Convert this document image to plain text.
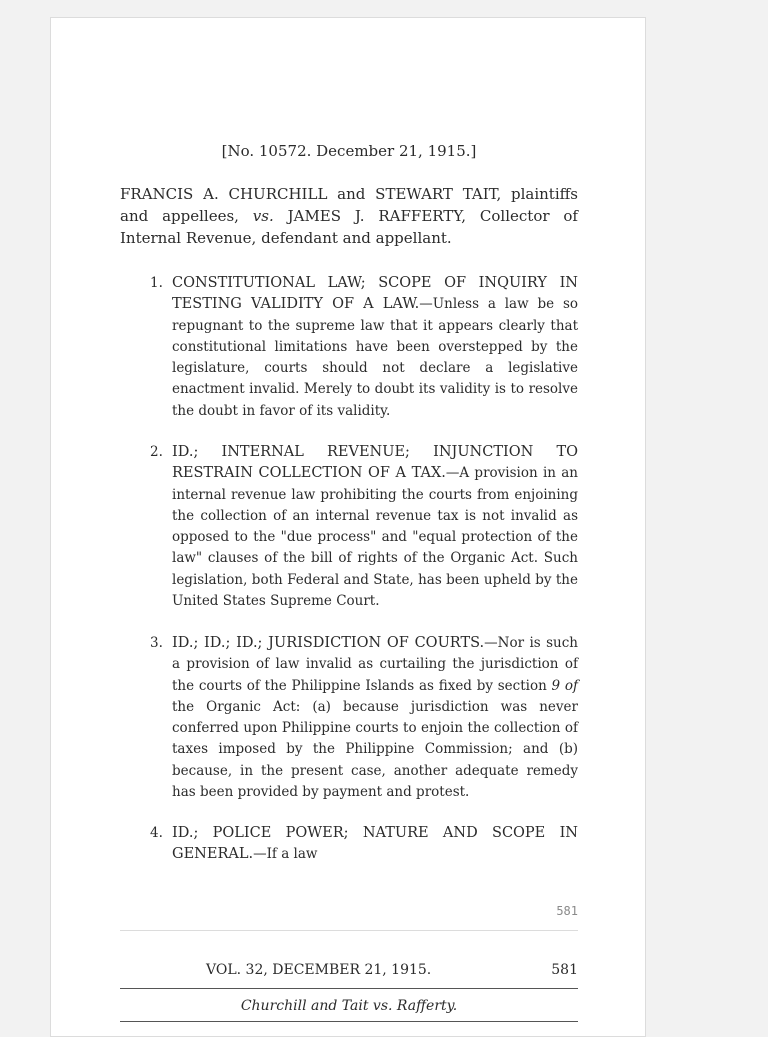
[No. 10572. December 21, 1915.]
FRANCIS A. CHURCHILL and STEWART TAIT, plaintiffs and appellees, vs. JAMES J. RAFFERTY, Collector of Internal Revenue, defendant and appellant.
1. CONSTITUTIONAL LAW; SCOPE OF INQUIRY IN TESTING VALIDITY OF A LAW.—Unless a law be so repugnant to the supreme law that it appears clearly that constitutional limitations have been overstepped by the legislature, courts should not declare a legislative enactment invalid. Merely to doubt its validity is to resolve the doubt in favor of its validity.
2. ID.; INTERNAL REVENUE; INJUNCTION TO RESTRAIN COLLECTION OF A TAX.—A provision in an internal revenue law prohibiting the courts from enjoining the collection of an internal revenue tax is not invalid as opposed to the "due process" and "equal protection of the law" clauses of the bill of rights of the Organic Act. Such legislation, both Federal and State, has been upheld by the United States Supreme Court.
3. ID.; ID.; ID.; JURISDICTION OF COURTS.—Nor is such a provision of law invalid as curtailing the jurisdiction of the courts of the Philippine Islands as fixed by section 9 of the Organic Act: (a) because jurisdiction was never conferred upon Philippine courts to enjoin the collection of taxes imposed by the Philippine Commission; and (b) because, in the present case, another adequate remedy has been provided by payment and protest.
4. ID.; POLICE POWER; NATURE AND SCOPE IN GENERAL.—If a law
581
VOL. 32, DECEMBER 21, 1915.	581
Churchill and Tait vs. Rafferty.
